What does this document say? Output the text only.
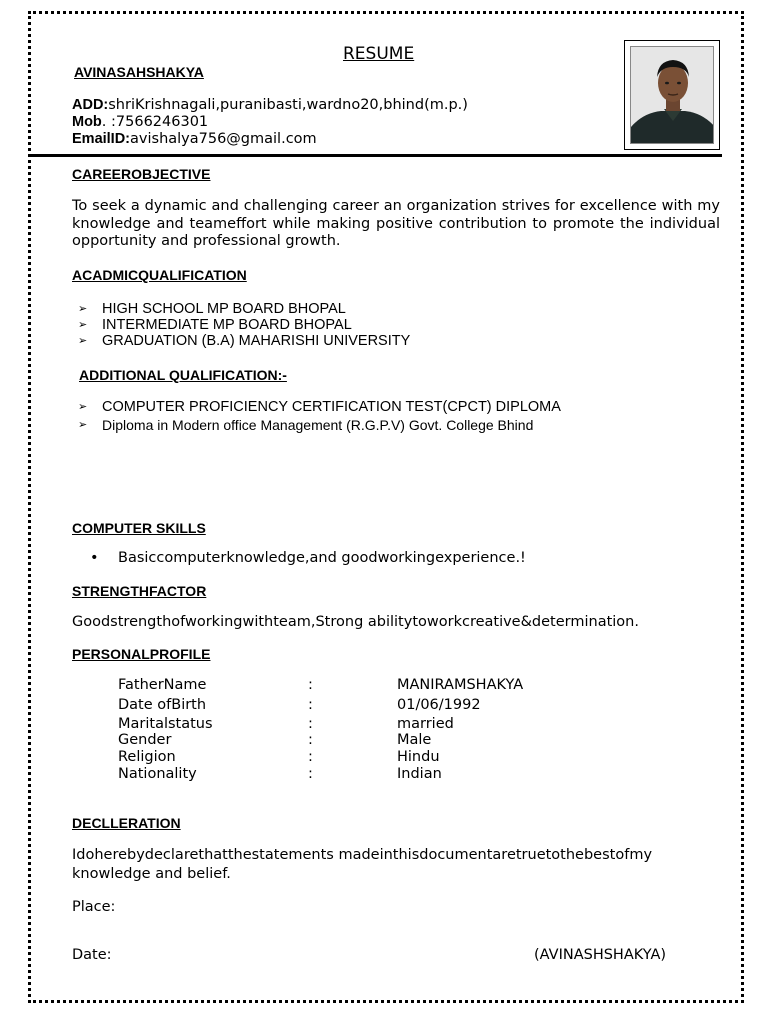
RESUME
AVINASAHSHAKYA
ADD:shriKrishnagali,puranibasti,wardno20,bhind(m.p.)
Mob. :7566246301
EmailID:avishalya756@gmail.com
CAREEROBJECTIVE
To seek a dynamic and challenging career an organization strives for excellence with my knowledge and teameffort while making positive contribution to promote the individual opportunity and professional growth.
ACADMICQUALIFICATION
➢ HIGH SCHOOL MP BOARD BHOPAL
➢ INTERMEDIATE MP BOARD BHOPAL
➢ GRADUATION (B.A) MAHARISHI UNIVERSITY
ADDITIONAL QUALIFICATION:-
➢ COMPUTER PROFICIENCY CERTIFICATION TEST(CPCT) DIPLOMA
➢ Diploma in Modern office Management (R.G.P.V) Govt. College Bhind
COMPUTER SKILLS
• Basiccomputerknowledge,and goodworkingexperience.!
STRENGTHFACTOR
Goodstrengthofworkingwithteam,Strong abilitytoworkcreative&determination.
PERSONALPROFILE
FatherName	:	MANIRAMSHAKYA
Date ofBirth	:	01/06/1992
Maritalstatus	:	married
Gender	:	Male
Religion	:	Hindu
Nationality	:	Indian
DECLLERATION
Idoherebydeclarethatthestatements madeinthisdocumentaretruetothebestofmy
knowledge and belief.
Place:
Date:	(AVINASHSHAKYA)
